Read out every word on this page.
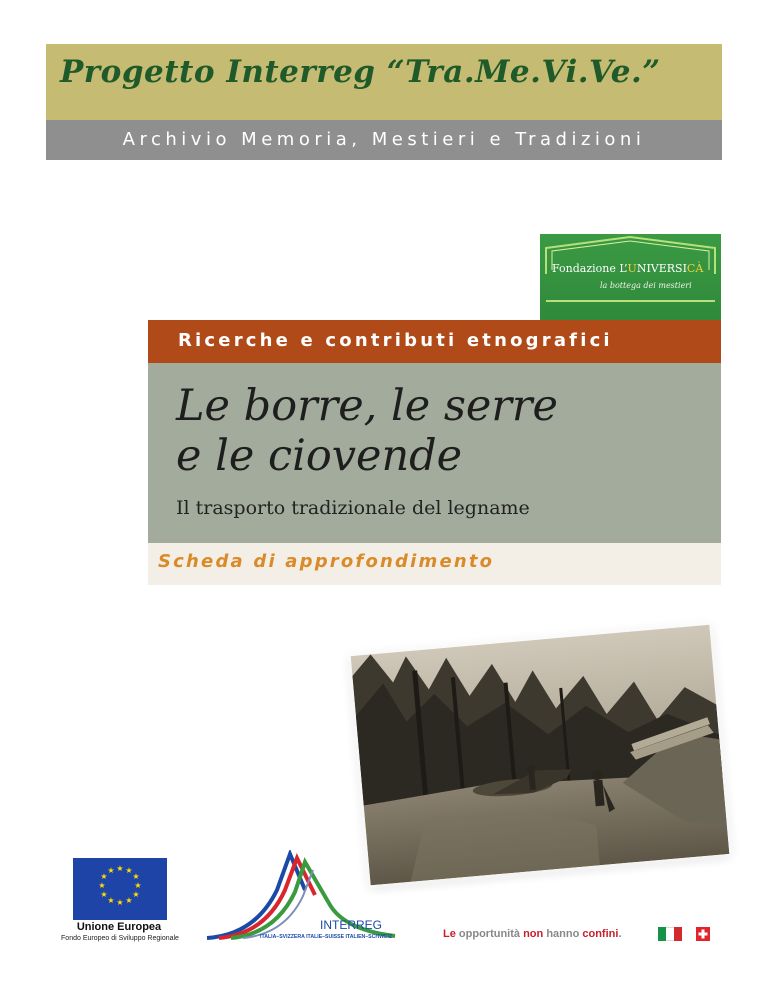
Progetto Interreg “Tra.Me.Vi.Ve.”
Archivio Memoria, Mestieri e Tradizioni
Fondazione L’UNIVERSICÀ
la bottega dei mestieri
Ricerche e contributi etnografici
Le borre, le serre
e le ciovende
Il trasporto tradizionale del legname
Scheda di approfondimento
★ ★
★
★
★
★
★
★
★
★
★
★
Unione Europea
Fondo Europeo di Sviluppo Regionale
INTERREG
ITALIA–SVIZZERA ITALIE–SUISSE ITALIEN–SCHWEIZ	Le opportunità non hanno confini.
